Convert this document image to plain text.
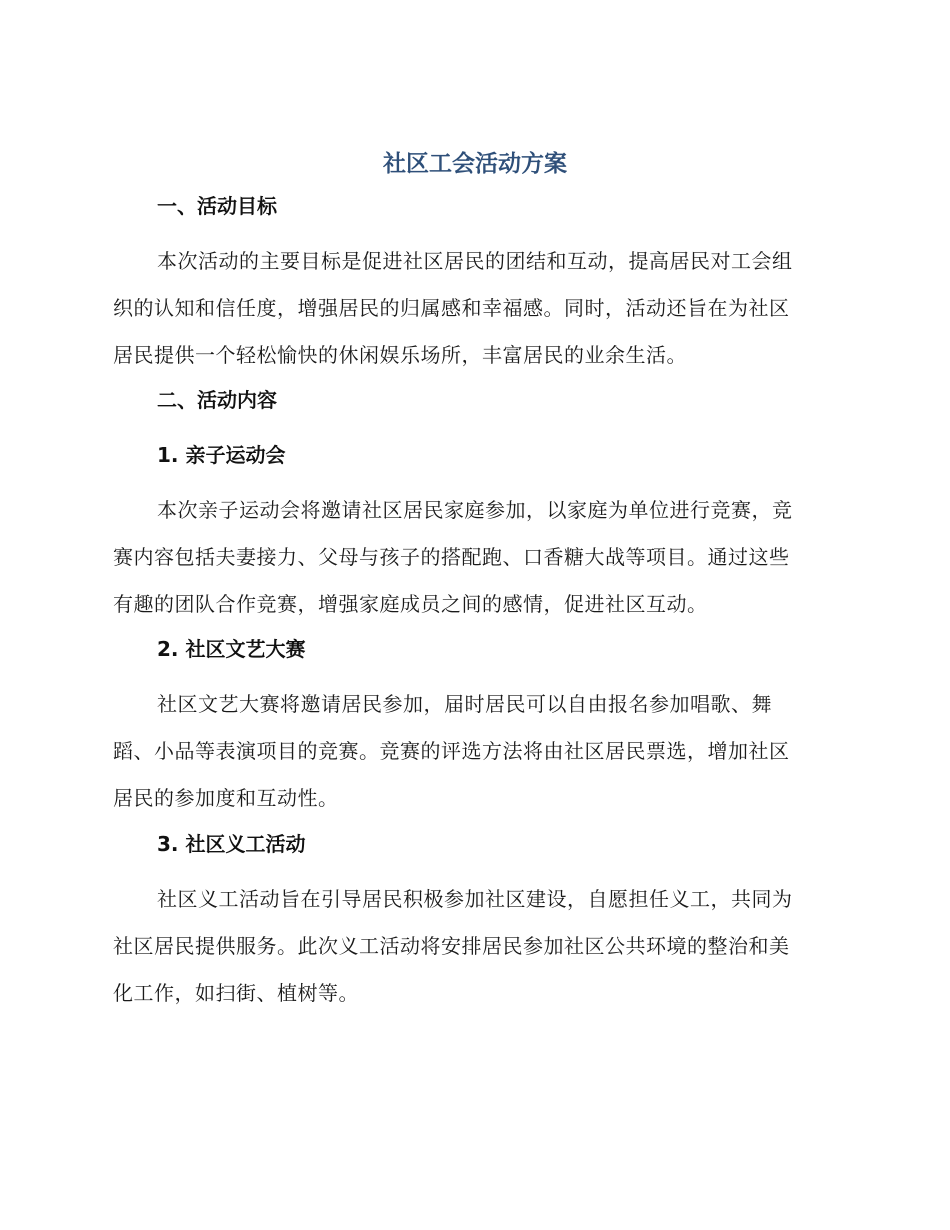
社区工会活动方案
一、活动目标
本次活动的主要目标是促进社区居民的团结和互动，提高居民对工会组
织的认知和信任度，增强居民的归属感和幸福感。同时，活动还旨在为社区
居民提供一个轻松愉快的休闲娱乐场所，丰富居民的业余生活。
二、活动内容
1. 亲子运动会
本次亲子运动会将邀请社区居民家庭参加，以家庭为单位进行竞赛，竞
赛内容包括夫妻接力、父母与孩子的搭配跑、口香糖大战等项目。通过这些
有趣的团队合作竞赛，增强家庭成员之间的感情，促进社区互动。
2. 社区文艺大赛
社区文艺大赛将邀请居民参加，届时居民可以自由报名参加唱歌、舞
蹈、小品等表演项目的竞赛。竞赛的评选方法将由社区居民票选，增加社区
居民的参加度和互动性。
3. 社区义工活动
社区义工活动旨在引导居民积极参加社区建设，自愿担任义工，共同为
社区居民提供服务。此次义工活动将安排居民参加社区公共环境的整治和美
化工作，如扫街、植树等。
